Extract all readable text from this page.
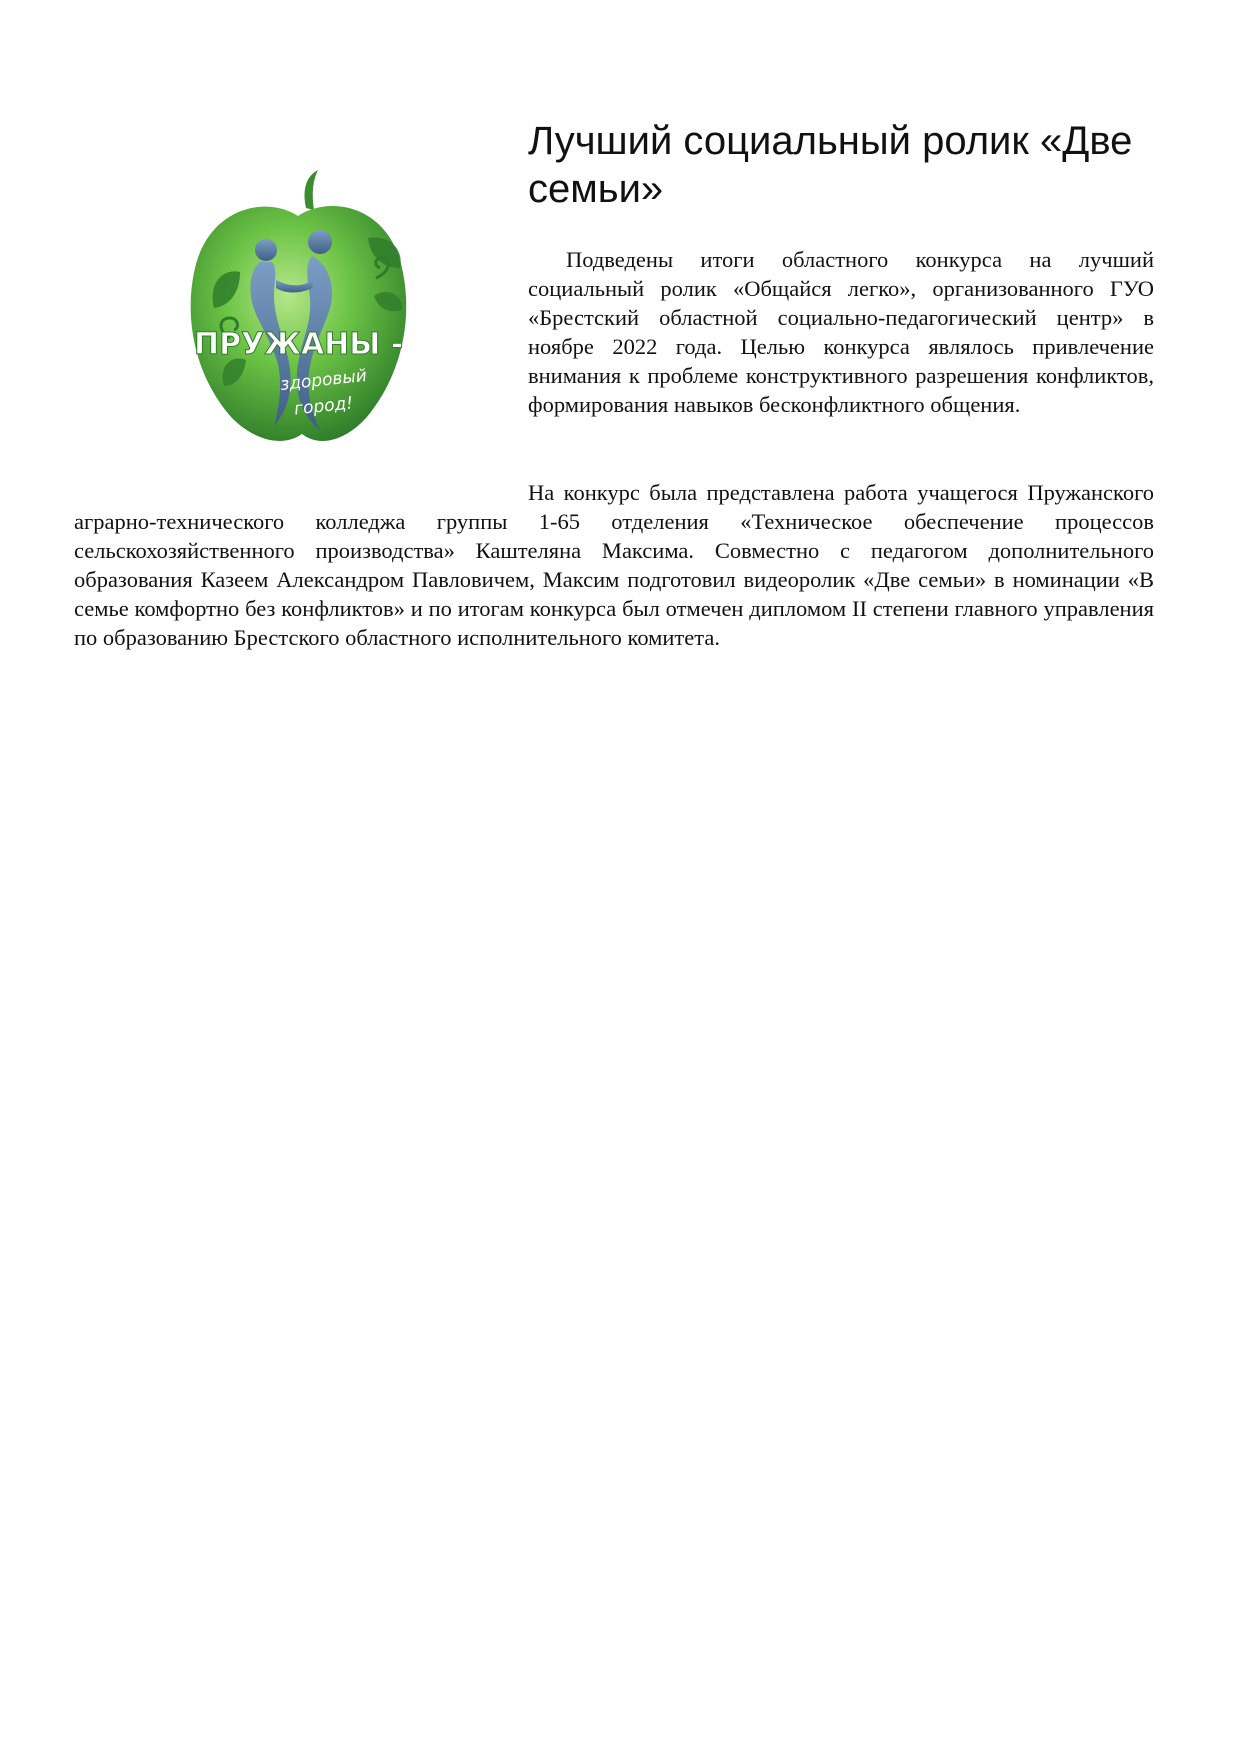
ПРУЖАНЫ -
здоровый
город!
Лучший социальный ролик «Две семьи»

Подведены итоги областного конкурса на лучший социальный ролик «Общайся легко», организованного ГУО «Брестский областной социально-педагогический центр» в ноябре 2022 года. Целью конкурса являлось привлечение внимания к проблеме конструктивного разрешения конфликтов, формирования навыков бесконфликтного общения.

На конкурс была представлена работа учащегося Пружанского аграрно-технического колледжа группы 1-65 отделения «Техническое обеспечение процессов сельскохозяйственного производства» Каштеляна Максима. Совместно с педагогом дополнительного образования Казеем Александром Павловичем, Максим подготовил видеоролик «Две семьи» в номинации «В семье комфортно без конфликтов» и по итогам конкурса был отмечен дипломом II степени главного управления по образованию Брестского областного исполнительного комитета.
